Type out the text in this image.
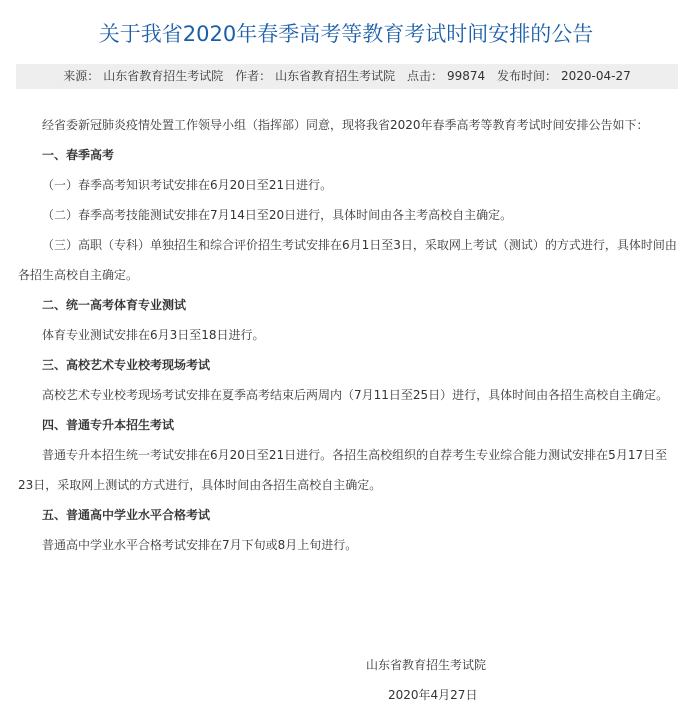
关于我省2020年春季高考等教育考试时间安排的公告
来源： 山东省教育招生考试院 作者： 山东省教育招生考试院 点击： 99874 发布时间： 2020-04-27

经省委新冠肺炎疫情处置工作领导小组（指挥部）同意，现将我省2020年春季高考等教育考试时间安排公告如下：

一、春季高考

（一）春季高考知识考试安排在6月20日至21日进行。

（二）春季高考技能测试安排在7月14日至20日进行，具体时间由各主考高校自主确定。

（三）高职（专科）单独招生和综合评价招生考试安排在6月1日至3日，采取网上考试（测试）的方式进行，具体时间由各招生高校自主确定。

二、统一高考体育专业测试

体育专业测试安排在6月3日至18日进行。

三、高校艺术专业校考现场考试

高校艺术专业校考现场考试安排在夏季高考结束后两周内（7月11日至25日）进行，具体时间由各招生高校自主确定。

四、普通专升本招生考试

普通专升本招生统一考试安排在6月20日至21日进行。各招生高校组织的自荐考生专业综合能力测试安排在5月17日至23日，采取网上测试的方式进行，具体时间由各招生高校自主确定。

五、普通高中学业水平合格考试

普通高中学业水平合格考试安排在7月下旬或8月上旬进行。

山东省教育招生考试院
2020年4月27日
